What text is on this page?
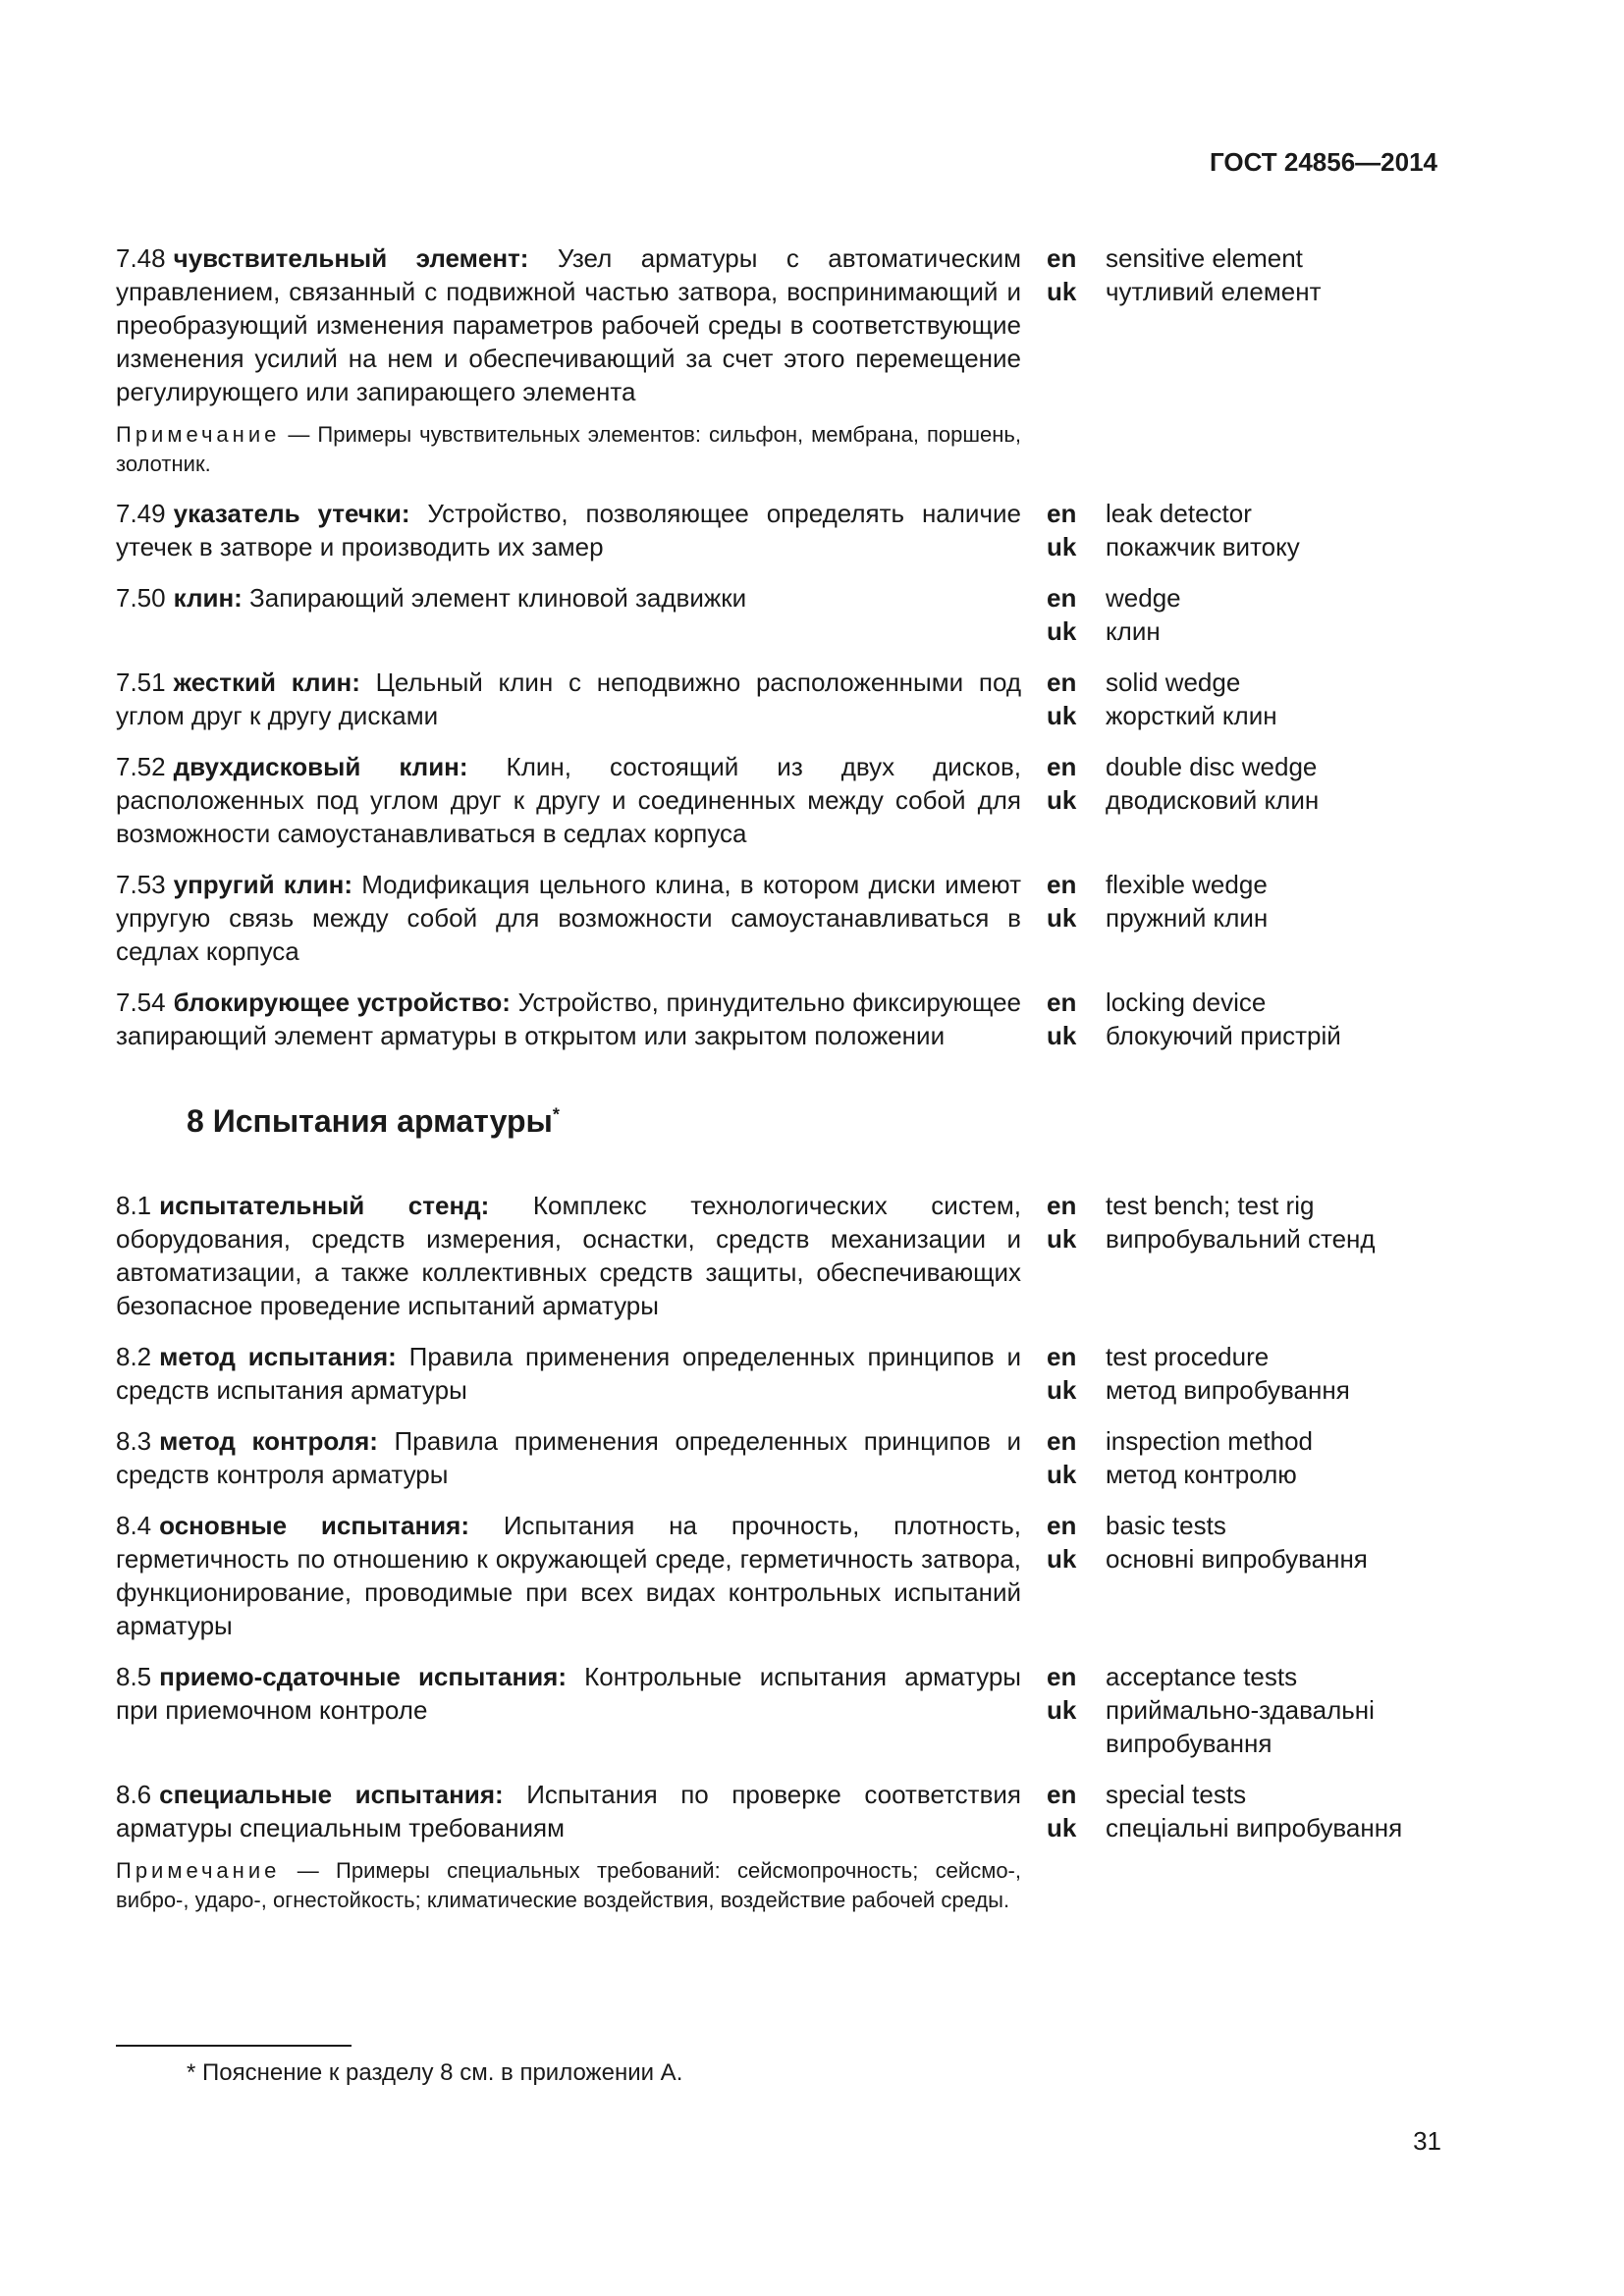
ГОСТ 24856—2014
7.48 чувствительный элемент: Узел арматуры с автоматическим управлением, связанный с подвижной частью затвора, воспринимающий и преобразующий изменения параметров рабочей среды в соответствующие изменения усилий на нем и обеспечивающий за счет этого перемещение регулирующего или запирающего элемента
en
uk
sensitive element
чутливий елемент
Примечание — Примеры чувствительных элементов: сильфон, мембрана, поршень, золотник.
7.49 указатель утечки: Устройство, позволяющее определять наличие утечек в затворе и производить их замер
en
uk
leak detector
покажчик витоку
7.50 клин: Запирающий элемент клиновой задвижки	en
uk
wedge
клин
7.51 жесткий клин: Цельный клин с неподвижно расположенными под углом друг к другу дисками
en
uk
solid wedge
жорсткий клин
7.52 двухдисковый клин: Клин, состоящий из двух дисков, расположенных под углом друг к другу и соединенных между собой для возможности самоустанавливаться в седлах корпуса
en
uk
double disc wedge
дводисковий клин
7.53 упругий клин: Модификация цельного клина, в котором диски имеют упругую связь между собой для возможности самоустанавливаться в седлах корпуса
en
uk
flexible wedge
пружний клин
7.54 блокирующее устройство: Устройство, принудительно фиксирующее запирающий элемент арматуры в открытом или закрытом положении
en
uk
locking device
блокуючий пристрій
8 Испытания арматуры*
8.1 испытательный стенд: Комплекс технологических систем, оборудования, средств измерения, оснастки, средств механизации и автоматизации, а также коллективных средств защиты, обеспечивающих безопасное проведение испытаний арматуры
en
uk
test bench; test rig
випробувальний стенд
8.2 метод испытания: Правила применения определенных принципов и средств испытания арматуры
en
uk
test procedure
метод випробування
8.3 метод контроля: Правила применения определенных принципов и средств контроля арматуры
en
uk
inspection method
метод контролю
8.4 основные испытания: Испытания на прочность, плотность, герметичность по отношению к окружающей среде, герметичность затвора, функционирование, проводимые при всех видах контрольных испытаний арматуры
en
uk
basic tests
основні випробування
8.5 приемо-сдаточные испытания: Контрольные испытания арматуры при приемочном контроле
en
uk
acceptance tests
приймально-здавальні випробування
8.6 специальные испытания: Испытания по проверке соответствия арматуры специальным требованиям
en
uk
special tests
спеціальні випробування
Примечание — Примеры специальных требований: сейсмопрочность; сейсмо-, вибро-, ударо-, огнестойкость; климатические воздействия, воздействие рабочей среды.
* Пояснение к разделу 8 см. в приложении А.
31
